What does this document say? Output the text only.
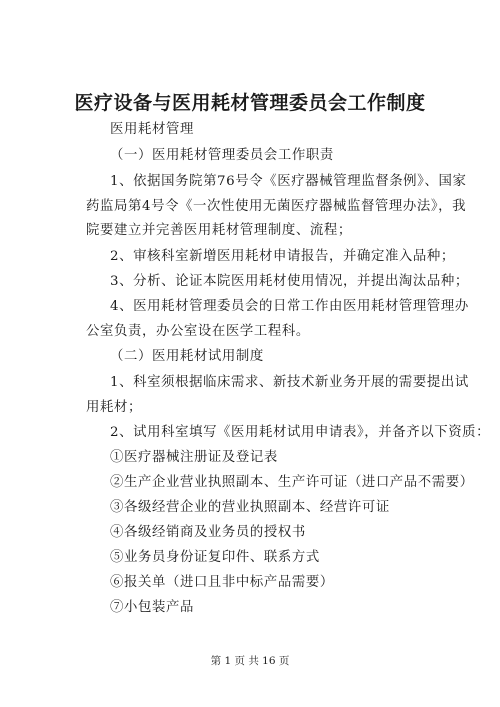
医疗设备与医用耗材管理委员会工作制度
医用耗材管理
（一）医用耗材管理委员会工作职责
1、依据国务院第76号令《医疗器械管理监督条例》、国家
药监局第4号令《一次性使用无菌医疗器械监督管理办法》，我
院要建立并完善医用耗材管理制度、流程；
2、审核科室新增医用耗材申请报告，并确定准入品种；
3、分析、论证本院医用耗材使用情况，并提出淘汰品种；
4、医用耗材管理委员会的日常工作由医用耗材管理管理办
公室负责，办公室设在医学工程科。
（二）医用耗材试用制度
1、科室须根据临床需求、新技术新业务开展的需要提出试
用耗材；
2、试用科室填写《医用耗材试用申请表》，并备齐以下资质：
①医疗器械注册证及登记表
②生产企业营业执照副本、生产许可证（进口产品不需要）
③各级经营企业的营业执照副本、经营许可证
④各级经销商及业务员的授权书
⑤业务员身份证复印件、联系方式
⑥报关单（进口且非中标产品需要）
⑦小包装产品
第 1 页 共 16 页
